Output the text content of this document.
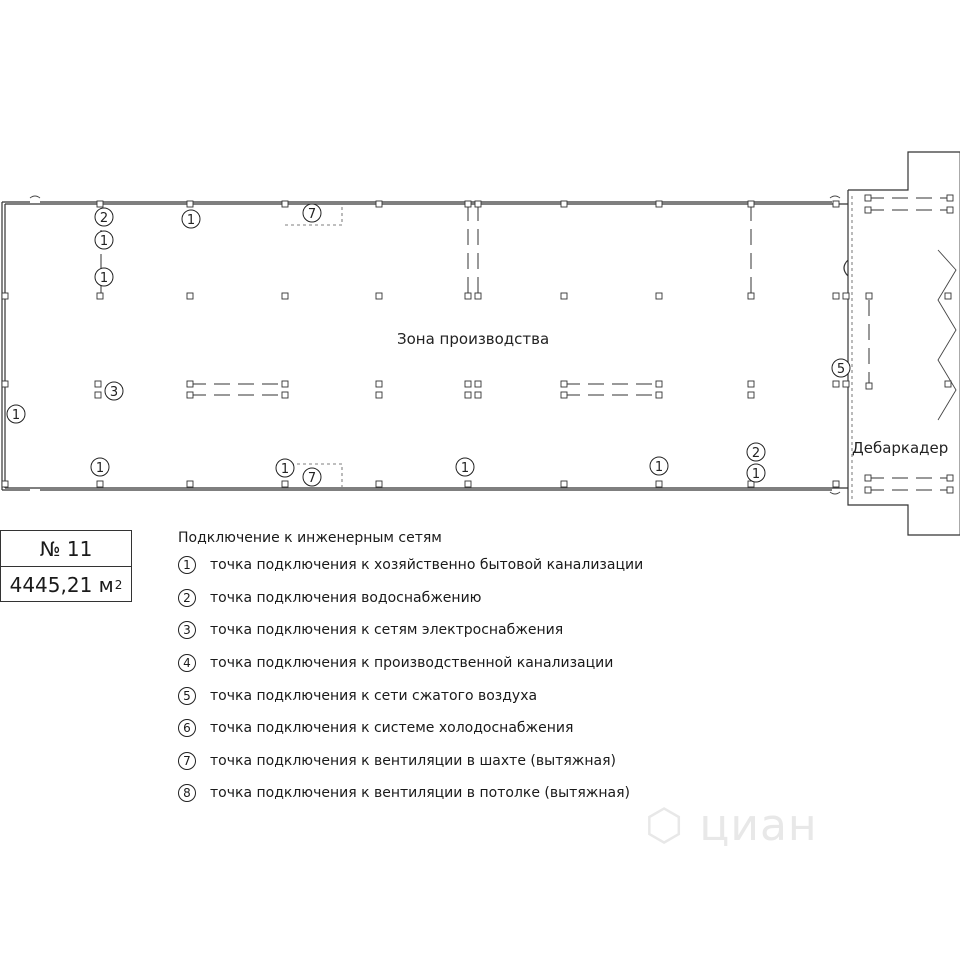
2
1
1
1	7
3
1
1	1
7
1	1
2
1
5
Зона производства
Дебаркадер
№ 11
4445,21 м 2
Подключение к инженерным сетям
1	точка подключения к хозяйственно бытовой канализации
2	точка подключения водоснабжению
3	точка подключения к сетям электроснабжения
4	точка подключения к производственной канализации
5	точка подключения к сети сжатого воздуха
6	точка подключения к системе холодоснабжения
7	точка подключения к вентиляции в шахте (вытяжная)
8	точка подключения к вентиляции в потолке (вытяжная)
⬡ циан
